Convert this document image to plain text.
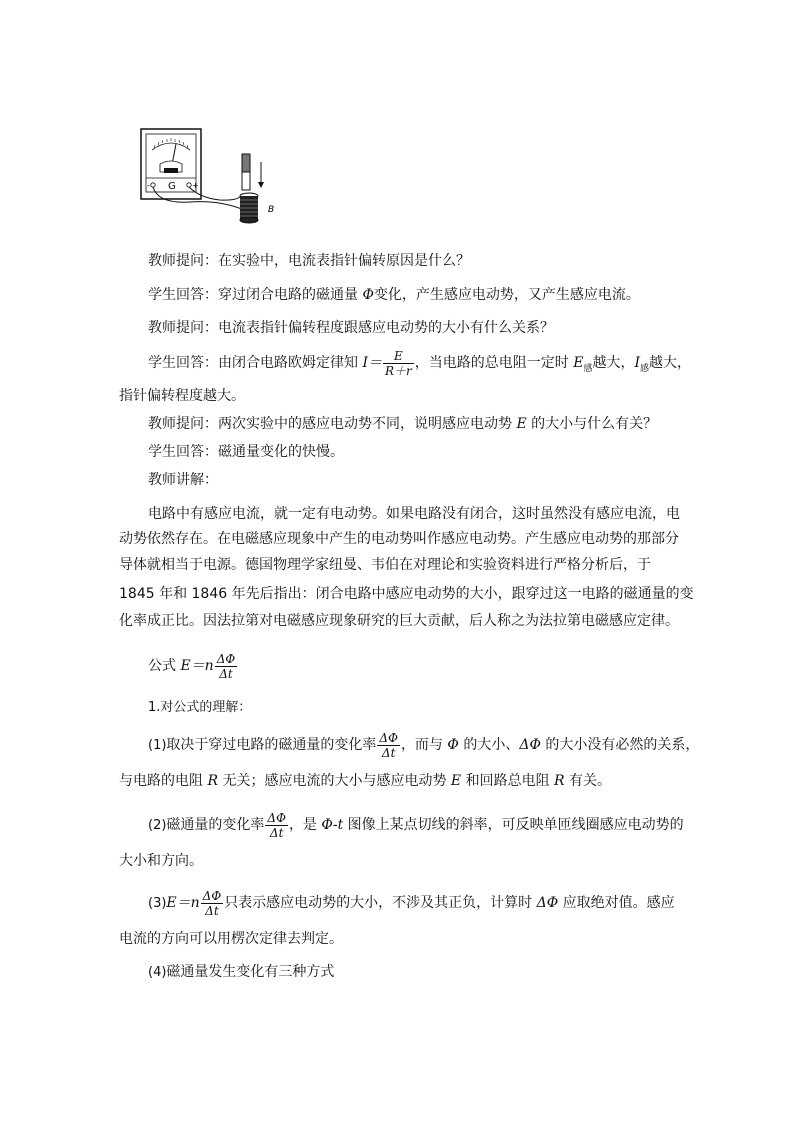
- G +
B
教师提问：在实验中，电流表指针偏转原因是什么？
学生回答：穿过闭合电路的磁通量 Φ变化，产生感应电动势，又产生感应电流。
教师提问：电流表指针偏转程度跟感应电动势的大小有什么关系？
学生回答：由闭合电路欧姆定律知 $I= \frac{E}{R+r}$ ，当电路的总电阻一定时 $E_感$越大，$I_感$越大，
指针偏转程度越大。
教师提问：两次实验中的感应电动势不同，说明感应电动势 E 的大小与什么有关？
学生回答：磁通量变化的快慢。
教师讲解：
电路中有感应电流，就一定有电动势。如果电路没有闭合，这时虽然没有感应电流，电
动势依然存在。在电磁感应现象中产生的电动势叫作感应电动势。产生感应电动势的那部分
导体就相当于电源。德国物理学家纽曼、韦伯在对理论和实验资料进行严格分析后，于
1845 年和 1846 年先后指出：闭合电路中感应电动势的大小，跟穿过这一电路的磁通量的变
化率成正比。因法拉第对电磁感应现象研究的巨大贡献，后人称之为法拉第电磁感应定律。
公式 $E=n \frac{\Delta\Phi}{\Delta t}$
1.对公式的理解：
(1)取决于穿过电路的磁通量的变化率 $\frac{\Delta\Phi}{\Delta t}$ ，而与 Φ 的大小、ΔΦ 的大小没有必然的关系，
与电路的电阻 R 无关；感应电流的大小与感应电动势 E 和回路总电阻 R 有关。
(2)磁通量的变化率 $\frac{\Delta\Phi}{\Delta t}$ ，是 Φ-t 图像上某点切线的斜率，可反映单匝线圈感应电动势的
大小和方向。
$(3)E=n \frac{\Delta\Phi}{\Delta t}$ 只表示感应电动势的大小，不涉及其正负，计算时 ΔΦ 应取绝对值。感应
电流的方向可以用楞次定律去判定。
(4)磁通量发生变化有三种方式
